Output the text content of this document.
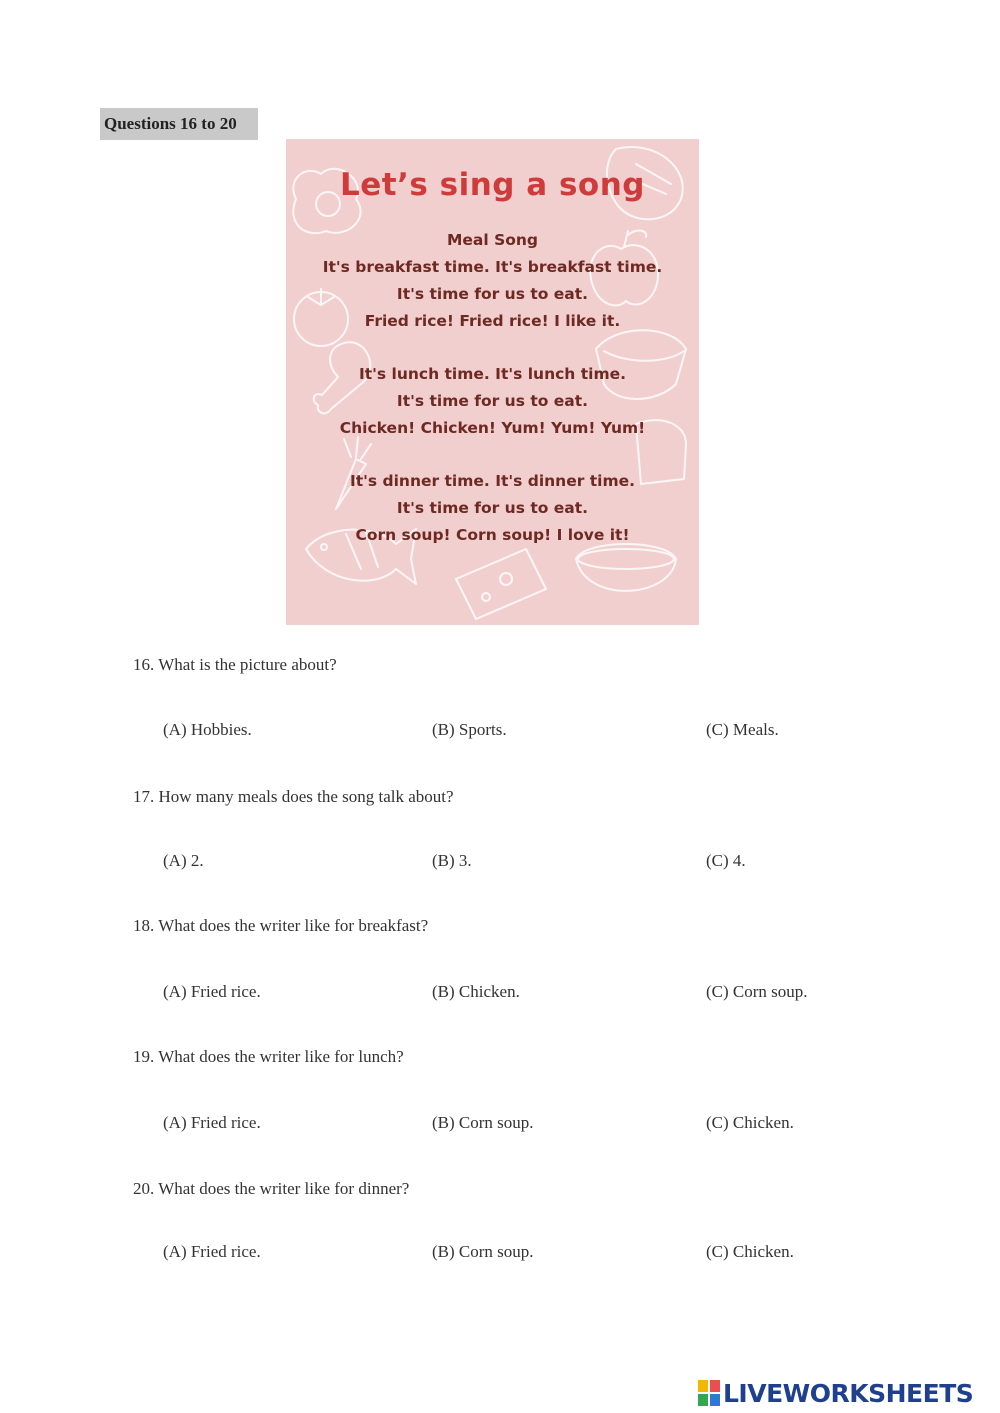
Questions 16 to 20
Let’s sing a song
Meal Song
It's breakfast time. It's breakfast time.
It's time for us to eat.
Fried rice! Fried rice! I like it.
It's lunch time. It's lunch time.
It's time for us to eat.
Chicken! Chicken! Yum! Yum! Yum!
It's dinner time. It's dinner time.
It's time for us to eat.
Corn soup! Corn soup! I love it!
16. What is the picture about?
(A) Hobbies.	(B) Sports.	(C) Meals.
17. How many meals does the song talk about?
(A) 2.	(B) 3.	(C) 4.
18. What does the writer like for breakfast?
(A) Fried rice.	(B) Chicken.	(C) Corn soup.
19. What does the writer like for lunch?
(A) Fried rice.	(B) Corn soup.	(C) Chicken.
20. What does the writer like for dinner?
(A) Fried rice.	(B) Corn soup.	(C) Chicken.
LIVEWORKSHEETS
